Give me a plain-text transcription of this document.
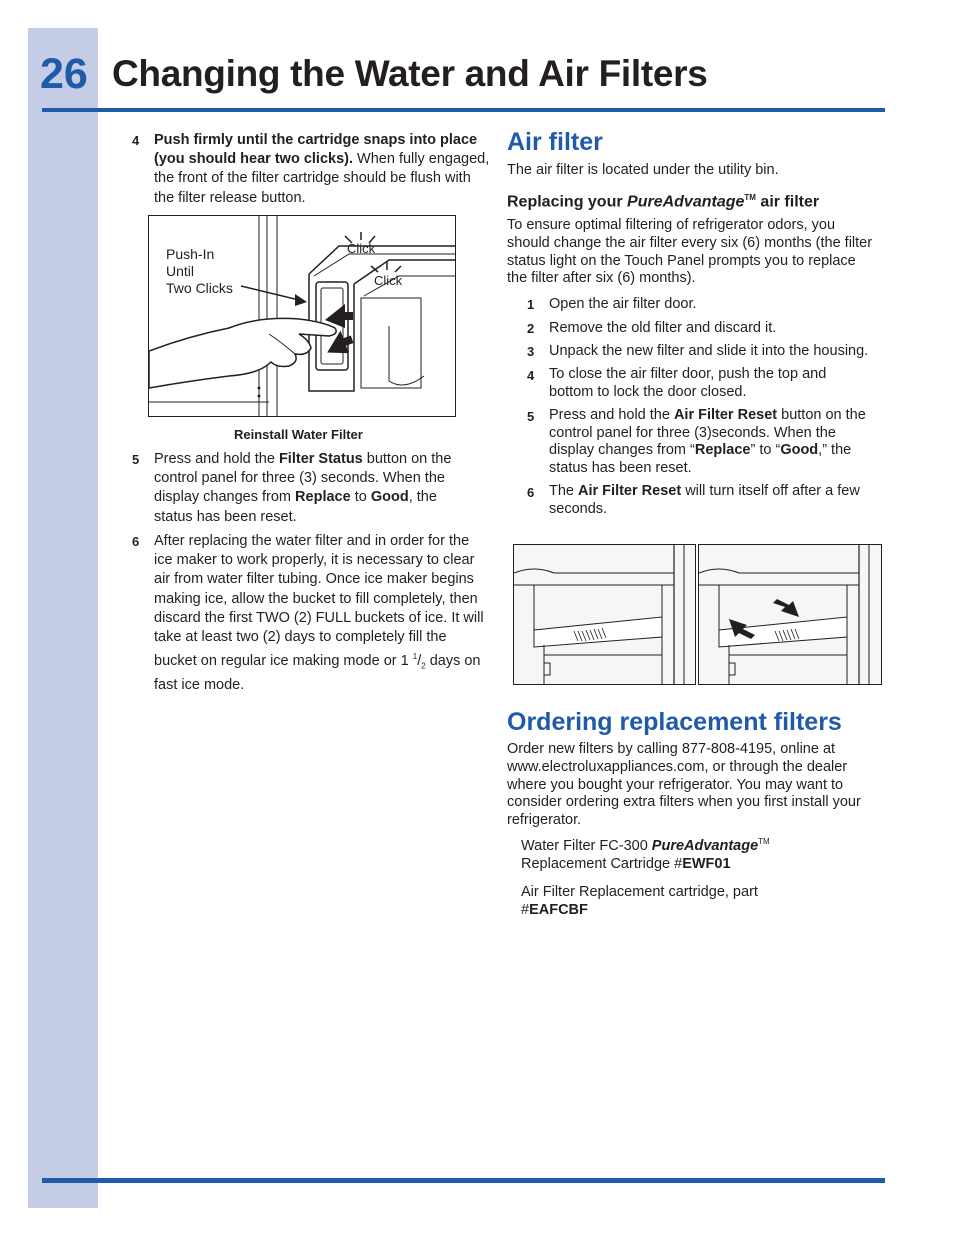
26 Changing the Water and Air Filters
4 Push firmly until the cartridge snaps into place (you should hear two clicks). When fully engaged, the front of the filter cartridge should be flush with the filter release button.
Push-In
Until
Two Clicks
Click
Click
Reinstall Water Filter
5 Press and hold the Filter Status button on the control panel for three (3) seconds. When the display changes from Replace to Good, the status has been reset.
6 After replacing the water filter and in order for the ice maker to work properly, it is necessary to clear air from water filter tubing. Once ice maker begins making ice, allow the bucket to fill completely, then discard the first TWO (2) FULL buckets of ice. It will take at least two (2) days to completely fill the bucket on regular ice making mode or 1 $^1/_2$ days on fast ice mode.
Air filter
The air filter is located under the utility bin.
Replacing your PureAdvantage™ air filter
To ensure optimal filtering of refrigerator odors, you should change the air filter every six (6) months (the filter status light on the Touch Panel prompts you to replace the filter after six (6) months).
1 Open the air filter door.
2 Remove the old filter and discard it.
3 Unpack the new filter and slide it into the housing.
4 To close the air filter door, push the top and bottom to lock the door closed.
5 Press and hold the Air Filter Reset button on the control panel for three (3)seconds. When the display changes from “Replace” to “Good,” the status has been reset.
6 The Air Filter Reset will turn itself off after a few seconds.
Ordering replacement filters
Order new filters by calling 877-808-4195, online at www.electroluxappliances.com, or through the dealer where you bought your refrigerator. You may want to consider ordering extra filters when you first install your refrigerator.
Water Filter FC-300 PureAdvantage™
Replacement Cartridge #EWF01
Air Filter Replacement cartridge, part
#EAFCBF
